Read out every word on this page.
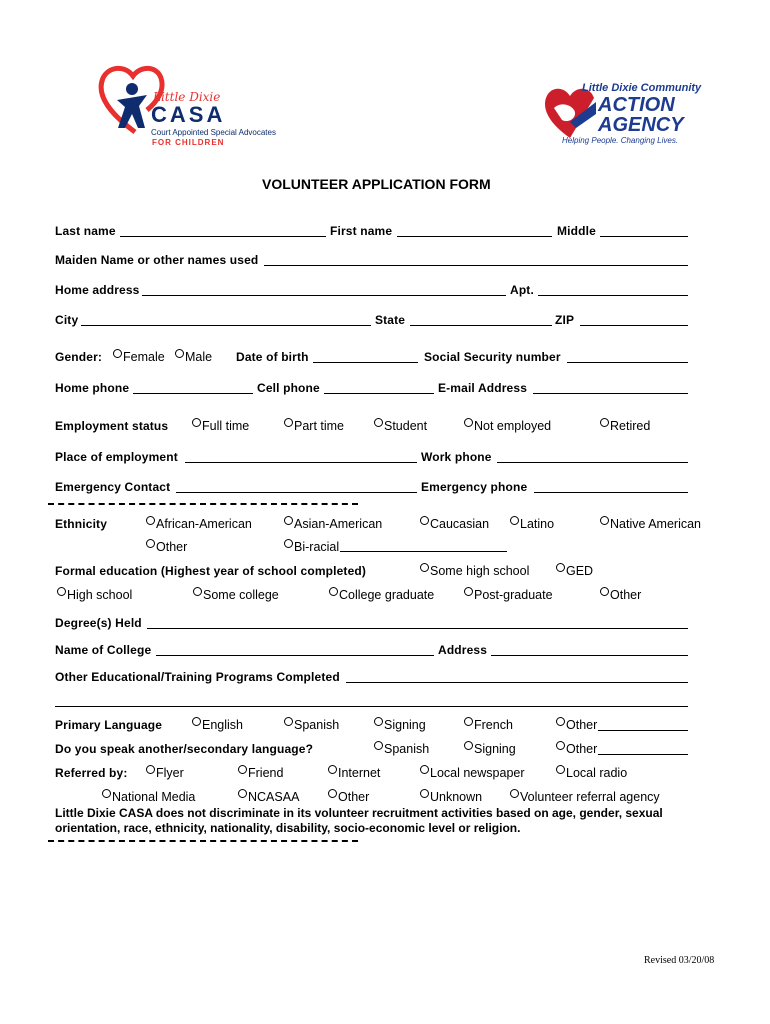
Little Dixie
CASA
Court Appointed Special Advocates
FOR CHILDREN
Little Dixie Community
ACTION
AGENCY
Helping People. Changing Lives.
VOLUNTEER APPLICATION FORM
Last name	First name	Middle
Maiden Name or other names used
Home address	Apt.
City	State	ZIP
Gender:	Female	Male Date of birth	Social Security number
Home phone	Cell phone	E-mail Address
Employment status	Full time	Part time	Student	Not employed	Retired
Place of employment	Work phone
Emergency Contact	Emergency phone
Ethnicity	African-American	Asian-American	Caucasian	Latino	Native American
Other	Bi-racial
Formal education (Highest year of school completed)	Some high school	GED
High school	Some college	College graduate	Post-graduate	Other
Degree(s) Held
Name of College	Address
Other Educational/Training Programs Completed
Primary Language	English	Spanish	Signing	French	Other
Do you speak another/secondary language?	Spanish	Signing	Other
Referred by:	Flyer	Friend	Internet	Local newspaper	Local radio
National Media	NCASAA	Other	Unknown	Volunteer referral agency
Little Dixie CASA does not discriminate in its volunteer recruitment activities based on age, gender, sexual orientation, race, ethnicity, nationality, disability, socio-economic level or religion.
Revised 03/20/08
